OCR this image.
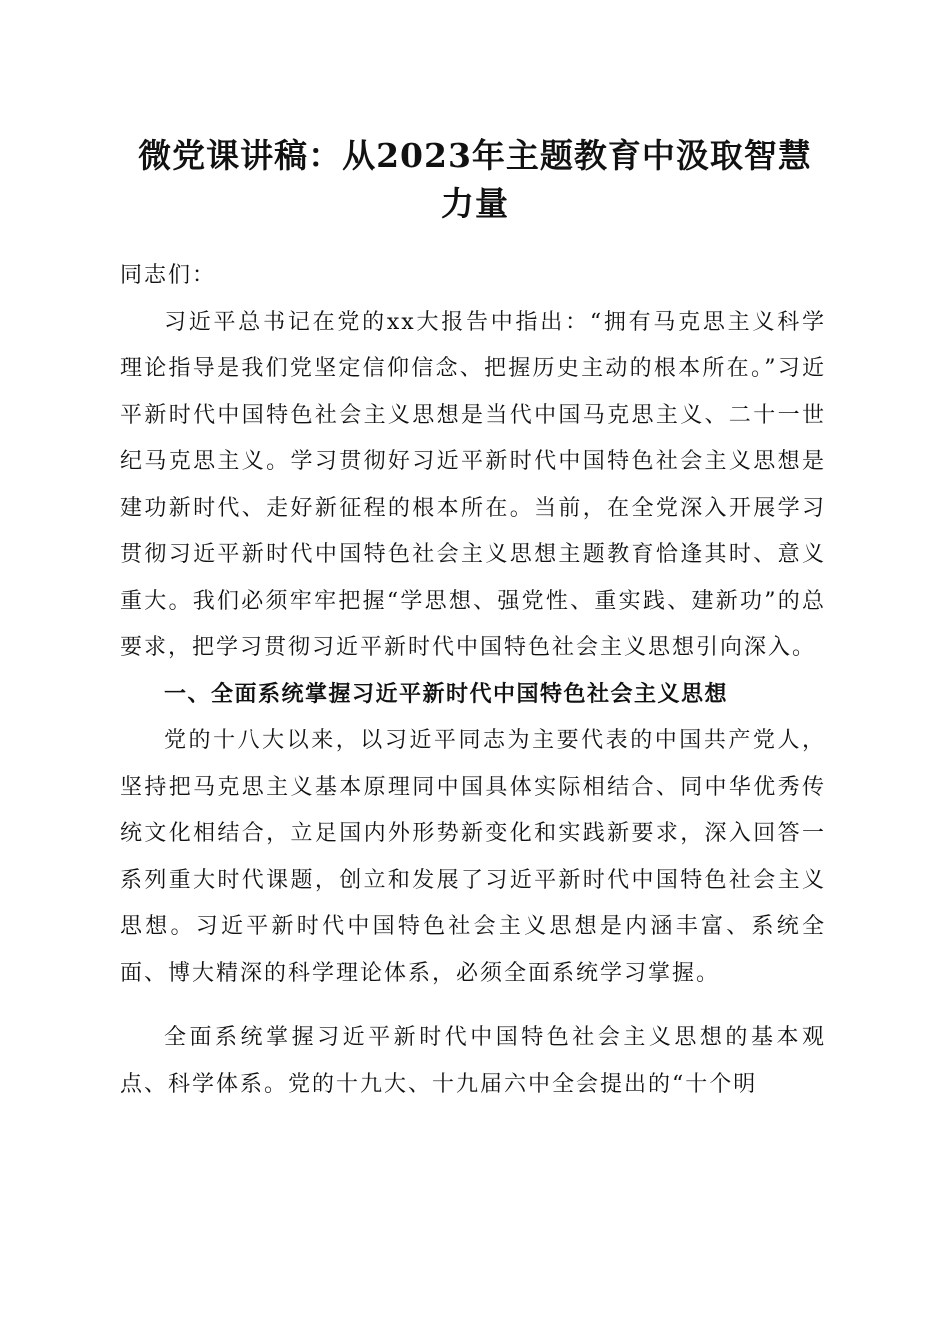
微党课讲稿：从2023年主题教育中汲取智慧
力量

同志们：

习近平总书记在党的xx大报告中指出：“拥有马克思主义科学理论指导是我们党坚定信仰信念、把握历史主动的根本所在。”习近平新时代中国特色社会主义思想是当代中国马克思主义、二十一世纪马克思主义。学习贯彻好习近平新时代中国特色社会主义思想是建功新时代、走好新征程的根本所在。当前，在全党深入开展学习贯彻习近平新时代中国特色社会主义思想主题教育恰逢其时、意义重大。我们必须牢牢把握“学思想、强党性、重实践、建新功”的总要求，把学习贯彻习近平新时代中国特色社会主义思想引向深入。

一、全面系统掌握习近平新时代中国特色社会主义思想

党的十八大以来，以习近平同志为主要代表的中国共产党人，坚持把马克思主义基本原理同中国具体实际相结合、同中华优秀传统文化相结合，立足国内外形势新变化和实践新要求，深入回答一系列重大时代课题，创立和发展了习近平新时代中国特色社会主义思想。习近平新时代中国特色社会主义思想是内涵丰富、系统全面、博大精深的科学理论体系，必须全面系统学习掌握。

全面系统掌握习近平新时代中国特色社会主义思想的基本观点、科学体系。党的十九大、十九届六中全会提出的“十个明
